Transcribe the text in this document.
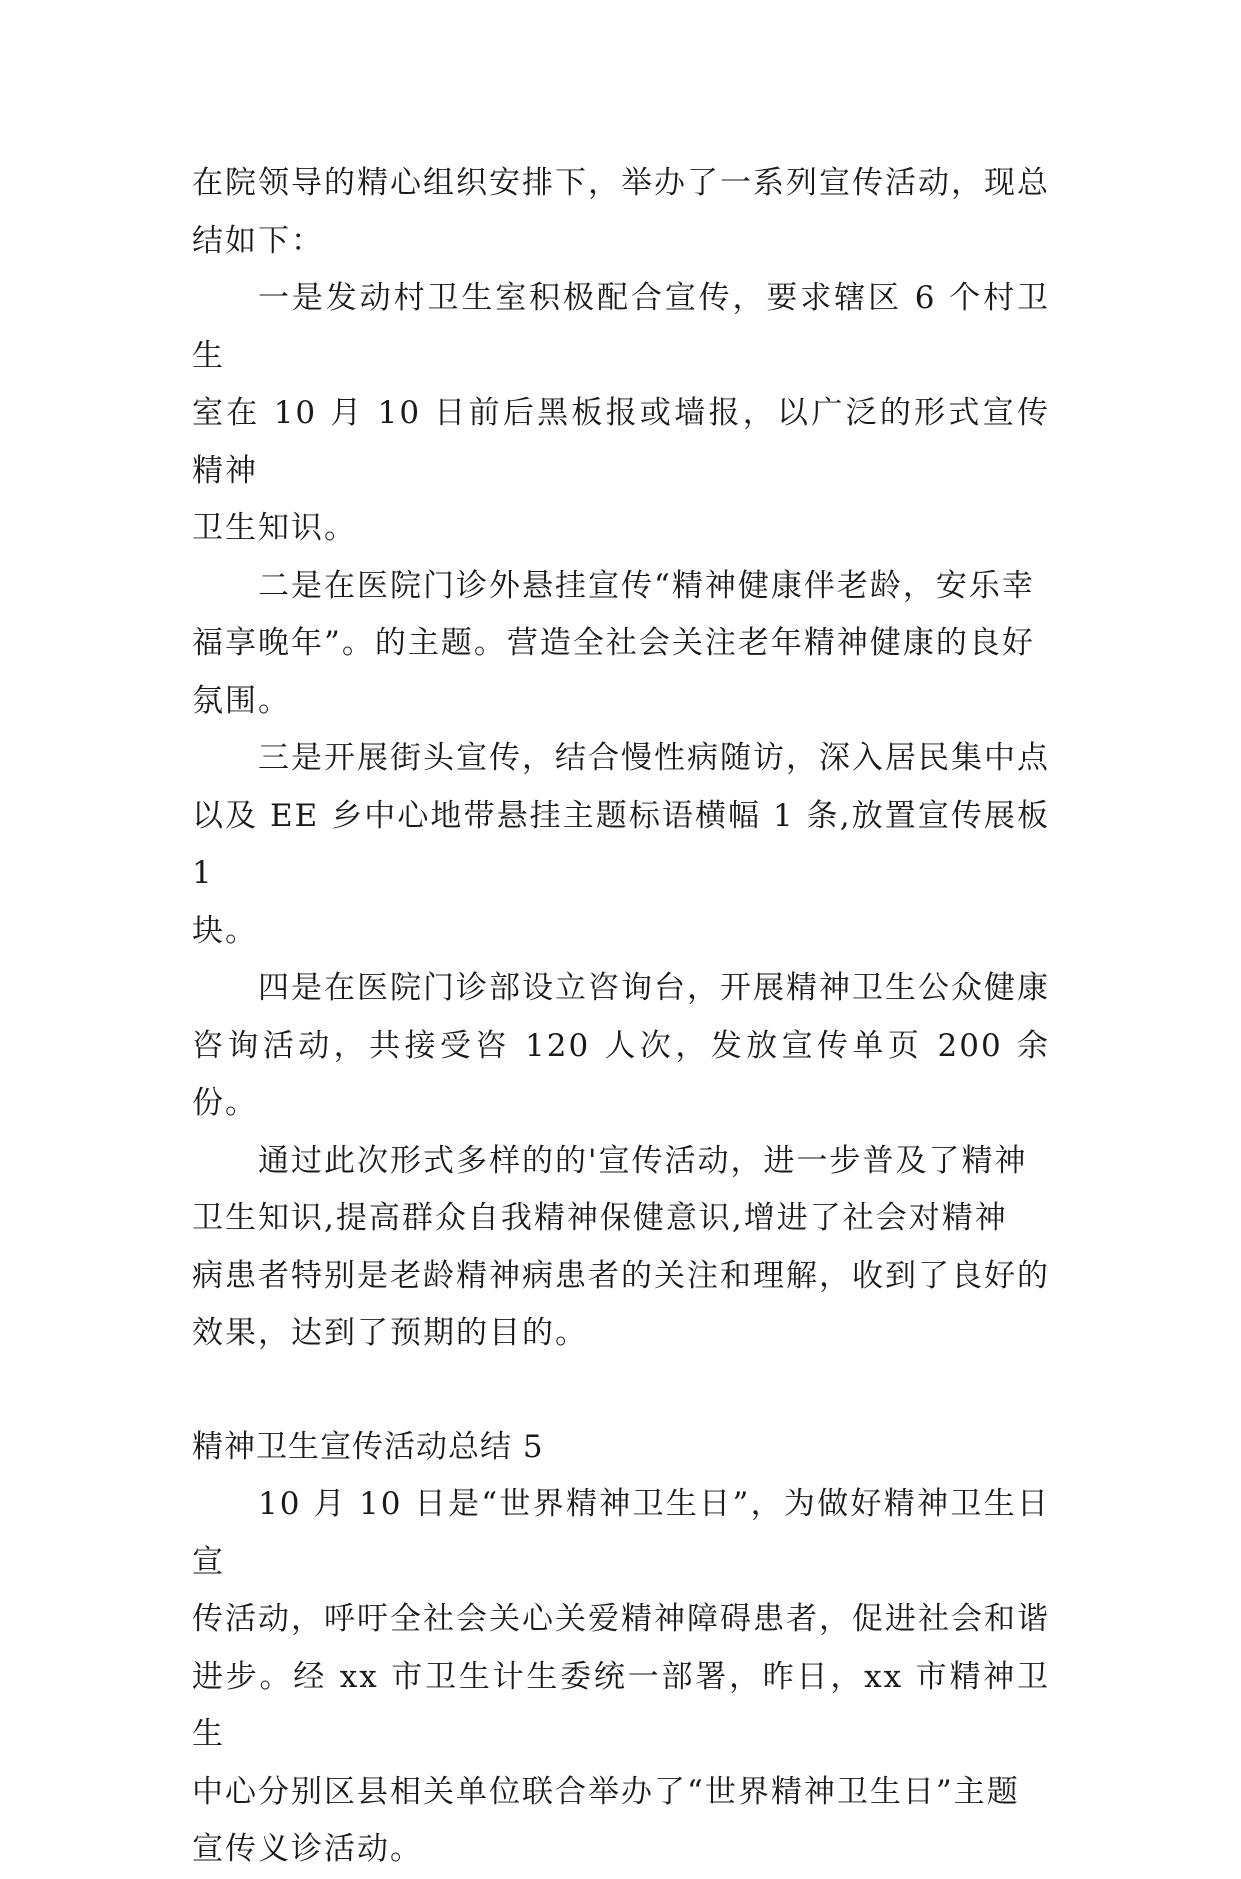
在院领导的精心组织安排下，举办了一系列宣传活动，现总
结如下：

一是发动村卫生室积极配合宣传，要求辖区 6 个村卫生
室在 10 月 10 日前后黑板报或墙报，以广泛的形式宣传精神
卫生知识。

二是在医院门诊外悬挂宣传“精神健康伴老龄，安乐幸
福享晚年”。的主题。营造全社会关注老年精神健康的良好
氛围。

三是开展街头宣传，结合慢性病随访，深入居民集中点
以及 EE 乡中心地带悬挂主题标语横幅 1 条,放置宣传展板 1
块。

四是在医院门诊部设立咨询台，开展精神卫生公众健康
咨询活动，共接受咨 120 人次，发放宣传单页 200 余份。

通过此次形式多样的的'宣传活动，进一步普及了精神
卫生知识,提高群众自我精神保健意识,增进了社会对精神
病患者特别是老龄精神病患者的关注和理解，收到了良好的
效果，达到了预期的目的。

精神卫生宣传活动总结 5

10 月 10 日是“世界精神卫生日”，为做好精神卫生日宣
传活动，呼吁全社会关心关爱精神障碍患者，促进社会和谐
进步。经 xx 市卫生计生委统一部署，昨日，xx 市精神卫生
中心分别区县相关单位联合举办了“世界精神卫生日”主题
宣传义诊活动。
